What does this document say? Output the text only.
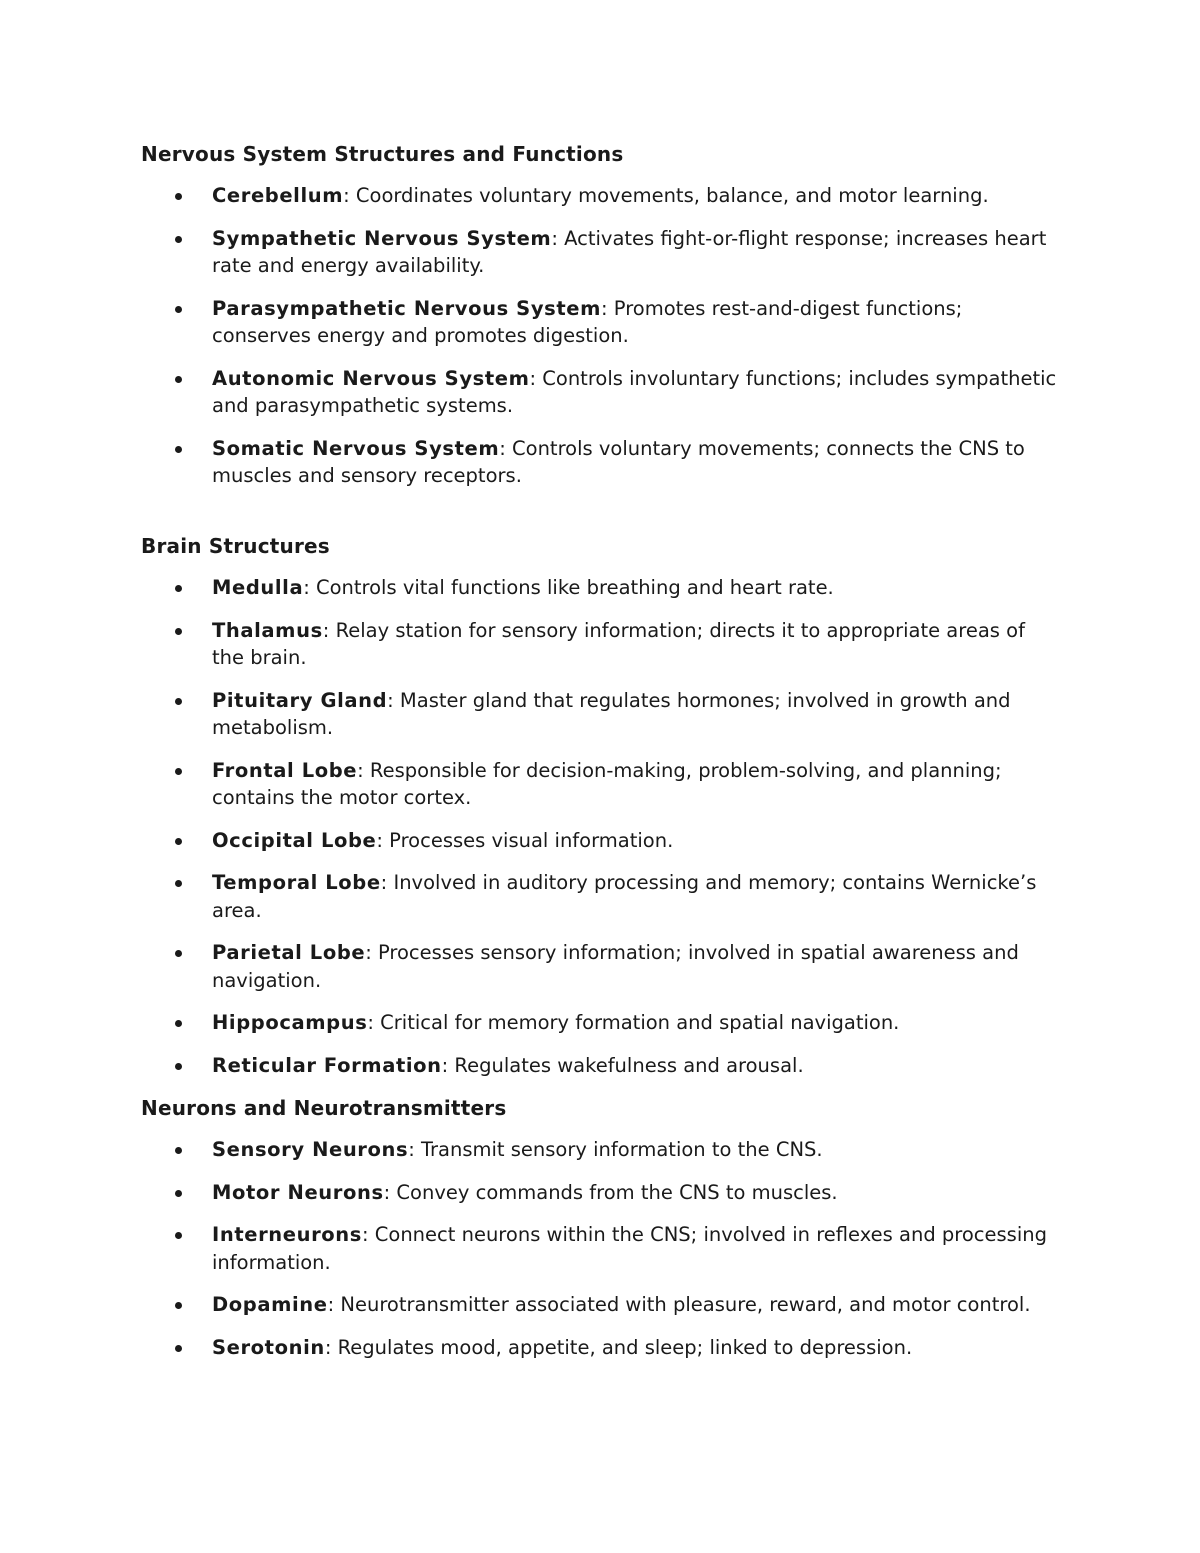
Nervous System Structures and Functions
Cerebellum: Coordinates voluntary movements, balance, and motor learning.
Sympathetic Nervous System: Activates fight-or-flight response; increases heart rate and energy availability.
Parasympathetic Nervous System: Promotes rest-and-digest functions; conserves energy and promotes digestion.
Autonomic Nervous System: Controls involuntary functions; includes sympathetic and parasympathetic systems.
Somatic Nervous System: Controls voluntary movements; connects the CNS to muscles and sensory receptors.
Brain Structures
Medulla: Controls vital functions like breathing and heart rate.
Thalamus: Relay station for sensory information; directs it to appropriate areas of the brain.
Pituitary Gland: Master gland that regulates hormones; involved in growth and metabolism.
Frontal Lobe: Responsible for decision-making, problem-solving, and planning; contains the motor cortex.
Occipital Lobe: Processes visual information.
Temporal Lobe: Involved in auditory processing and memory; contains Wernicke’s area.
Parietal Lobe: Processes sensory information; involved in spatial awareness and navigation.
Hippocampus: Critical for memory formation and spatial navigation.
Reticular Formation: Regulates wakefulness and arousal.
Neurons and Neurotransmitters
Sensory Neurons: Transmit sensory information to the CNS.
Motor Neurons: Convey commands from the CNS to muscles.
Interneurons: Connect neurons within the CNS; involved in reflexes and processing information.
Dopamine: Neurotransmitter associated with pleasure, reward, and motor control.
Serotonin: Regulates mood, appetite, and sleep; linked to depression.
